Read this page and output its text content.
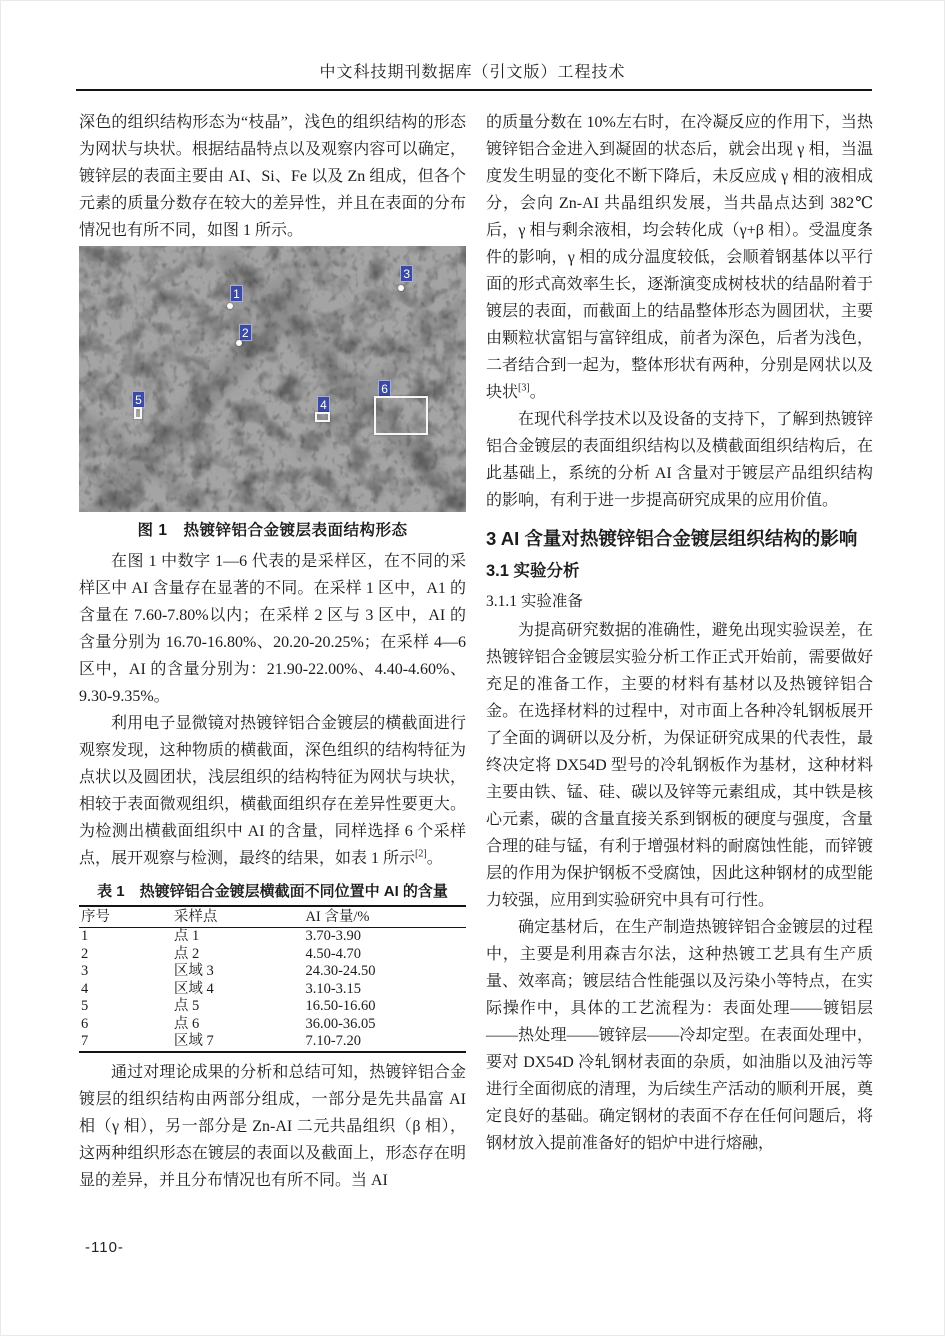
中文科技期刊数据库（引文版）工程技术

深色的组织结构形态为“枝晶”，浅色的组织结构的形态为网状与块状。根据结晶特点以及观察内容可以确定，镀锌层的表面主要由 AI、Si、Fe 以及 Zn 组成，但各个元素的质量分数存在较大的差异性，并且在表面的分布情况也有所不同，如图 1 所示。

1
2
3
4
5
6
图 1　热镀锌铝合金镀层表面结构形态

在图 1 中数字 1—6 代表的是采样区，在不同的采样区中 AI 含量存在显著的不同。在采样 1 区中，A1 的含量在 7.60-7.80%以内；在采样 2 区与 3 区中，AI 的含量分别为 16.70-16.80%、20.20-20.25%；在采样 4—6 区中，AI 的含量分别为：21.90-22.00%、4.40-4.60%、9.30-9.35%。

利用电子显微镜对热镀锌铝合金镀层的横截面进行观察发现，这种物质的横截面，深色组织的结构特征为点状以及圆团状，浅层组织的结构特征为网状与块状，相较于表面微观组织，横截面组织存在差异性要更大。为检测出横截面组织中 AI 的含量，同样选择 6 个采样点，展开观察与检测，最终的结果，如表 1 所示[2]。

表 1　热镀锌铝合金镀层横截面不同位置中 AI 的含量
序号	采样点	AI 含量/%
1	点 1	3.70-3.90
2	点 2	4.50-4.70
3	区域 3	24.30-24.50
4	区域 4	3.10-3.15
5	点 5	16.50-16.60
6	点 6	36.00-36.05
7	区域 7	7.10-7.20

通过对理论成果的分析和总结可知，热镀锌铝合金镀层的组织结构由两部分组成，一部分是先共晶富 AI 相（γ 相），另一部分是 Zn-AI 二元共晶组织（β 相），这两种组织形态在镀层的表面以及截面上，形态存在明显的差异，并且分布情况也有所不同。当 AI

的质量分数在 10%左右时，在冷凝反应的作用下，当热镀锌铝合金进入到凝固的状态后，就会出现 γ 相，当温度发生明显的变化不断下降后，未反应成 γ 相的液相成分，会向 Zn-AI 共晶组织发展，当共晶点达到 382℃后，γ 相与剩余液相，均会转化成（γ+β 相）。受温度条件的影响，γ 相的成分温度较低，会顺着钢基体以平行面的形式高效率生长，逐渐演变成树枝状的结晶附着于镀层的表面，而截面上的结晶整体形态为圆团状，主要由颗粒状富铝与富锌组成，前者为深色，后者为浅色，二者结合到一起为，整体形状有两种，分别是网状以及块状[3]。

在现代科学技术以及设备的支持下，了解到热镀锌铝合金镀层的表面组织结构以及横截面组织结构后，在此基础上，系统的分析 AI 含量对于镀层产品组织结构的影响，有利于进一步提高研究成果的应用价值。

3 AI 含量对热镀锌铝合金镀层组织结构的影响
3.1 实验分析
3.1.1 实验准备

为提高研究数据的准确性，避免出现实验误差，在热镀锌铝合金镀层实验分析工作正式开始前，需要做好充足的准备工作，主要的材料有基材以及热镀锌铝合金。在选择材料的过程中，对市面上各种冷轧钢板展开了全面的调研以及分析，为保证研究成果的代表性，最终决定将 DX54D 型号的冷轧钢板作为基材，这种材料主要由铁、锰、硅、碳以及锌等元素组成，其中铁是核心元素，碳的含量直接关系到钢板的硬度与强度，含量合理的硅与锰，有利于增强材料的耐腐蚀性能，而锌镀层的作用为保护钢板不受腐蚀，因此这种钢材的成型能力较强，应用到实验研究中具有可行性。

确定基材后，在生产制造热镀锌铝合金镀层的过程中，主要是利用森吉尔法，这种热镀工艺具有生产质量、效率高；镀层结合性能强以及污染小等特点，在实际操作中，具体的工艺流程为：表面处理——镀铝层——热处理——镀锌层——冷却定型。在表面处理中，要对 DX54D 冷轧钢材表面的杂质，如油脂以及油污等进行全面彻底的清理，为后续生产活动的顺利开展，奠定良好的基础。确定钢材的表面不存在任何问题后，将钢材放入提前准备好的铝炉中进行熔融，

-110-
